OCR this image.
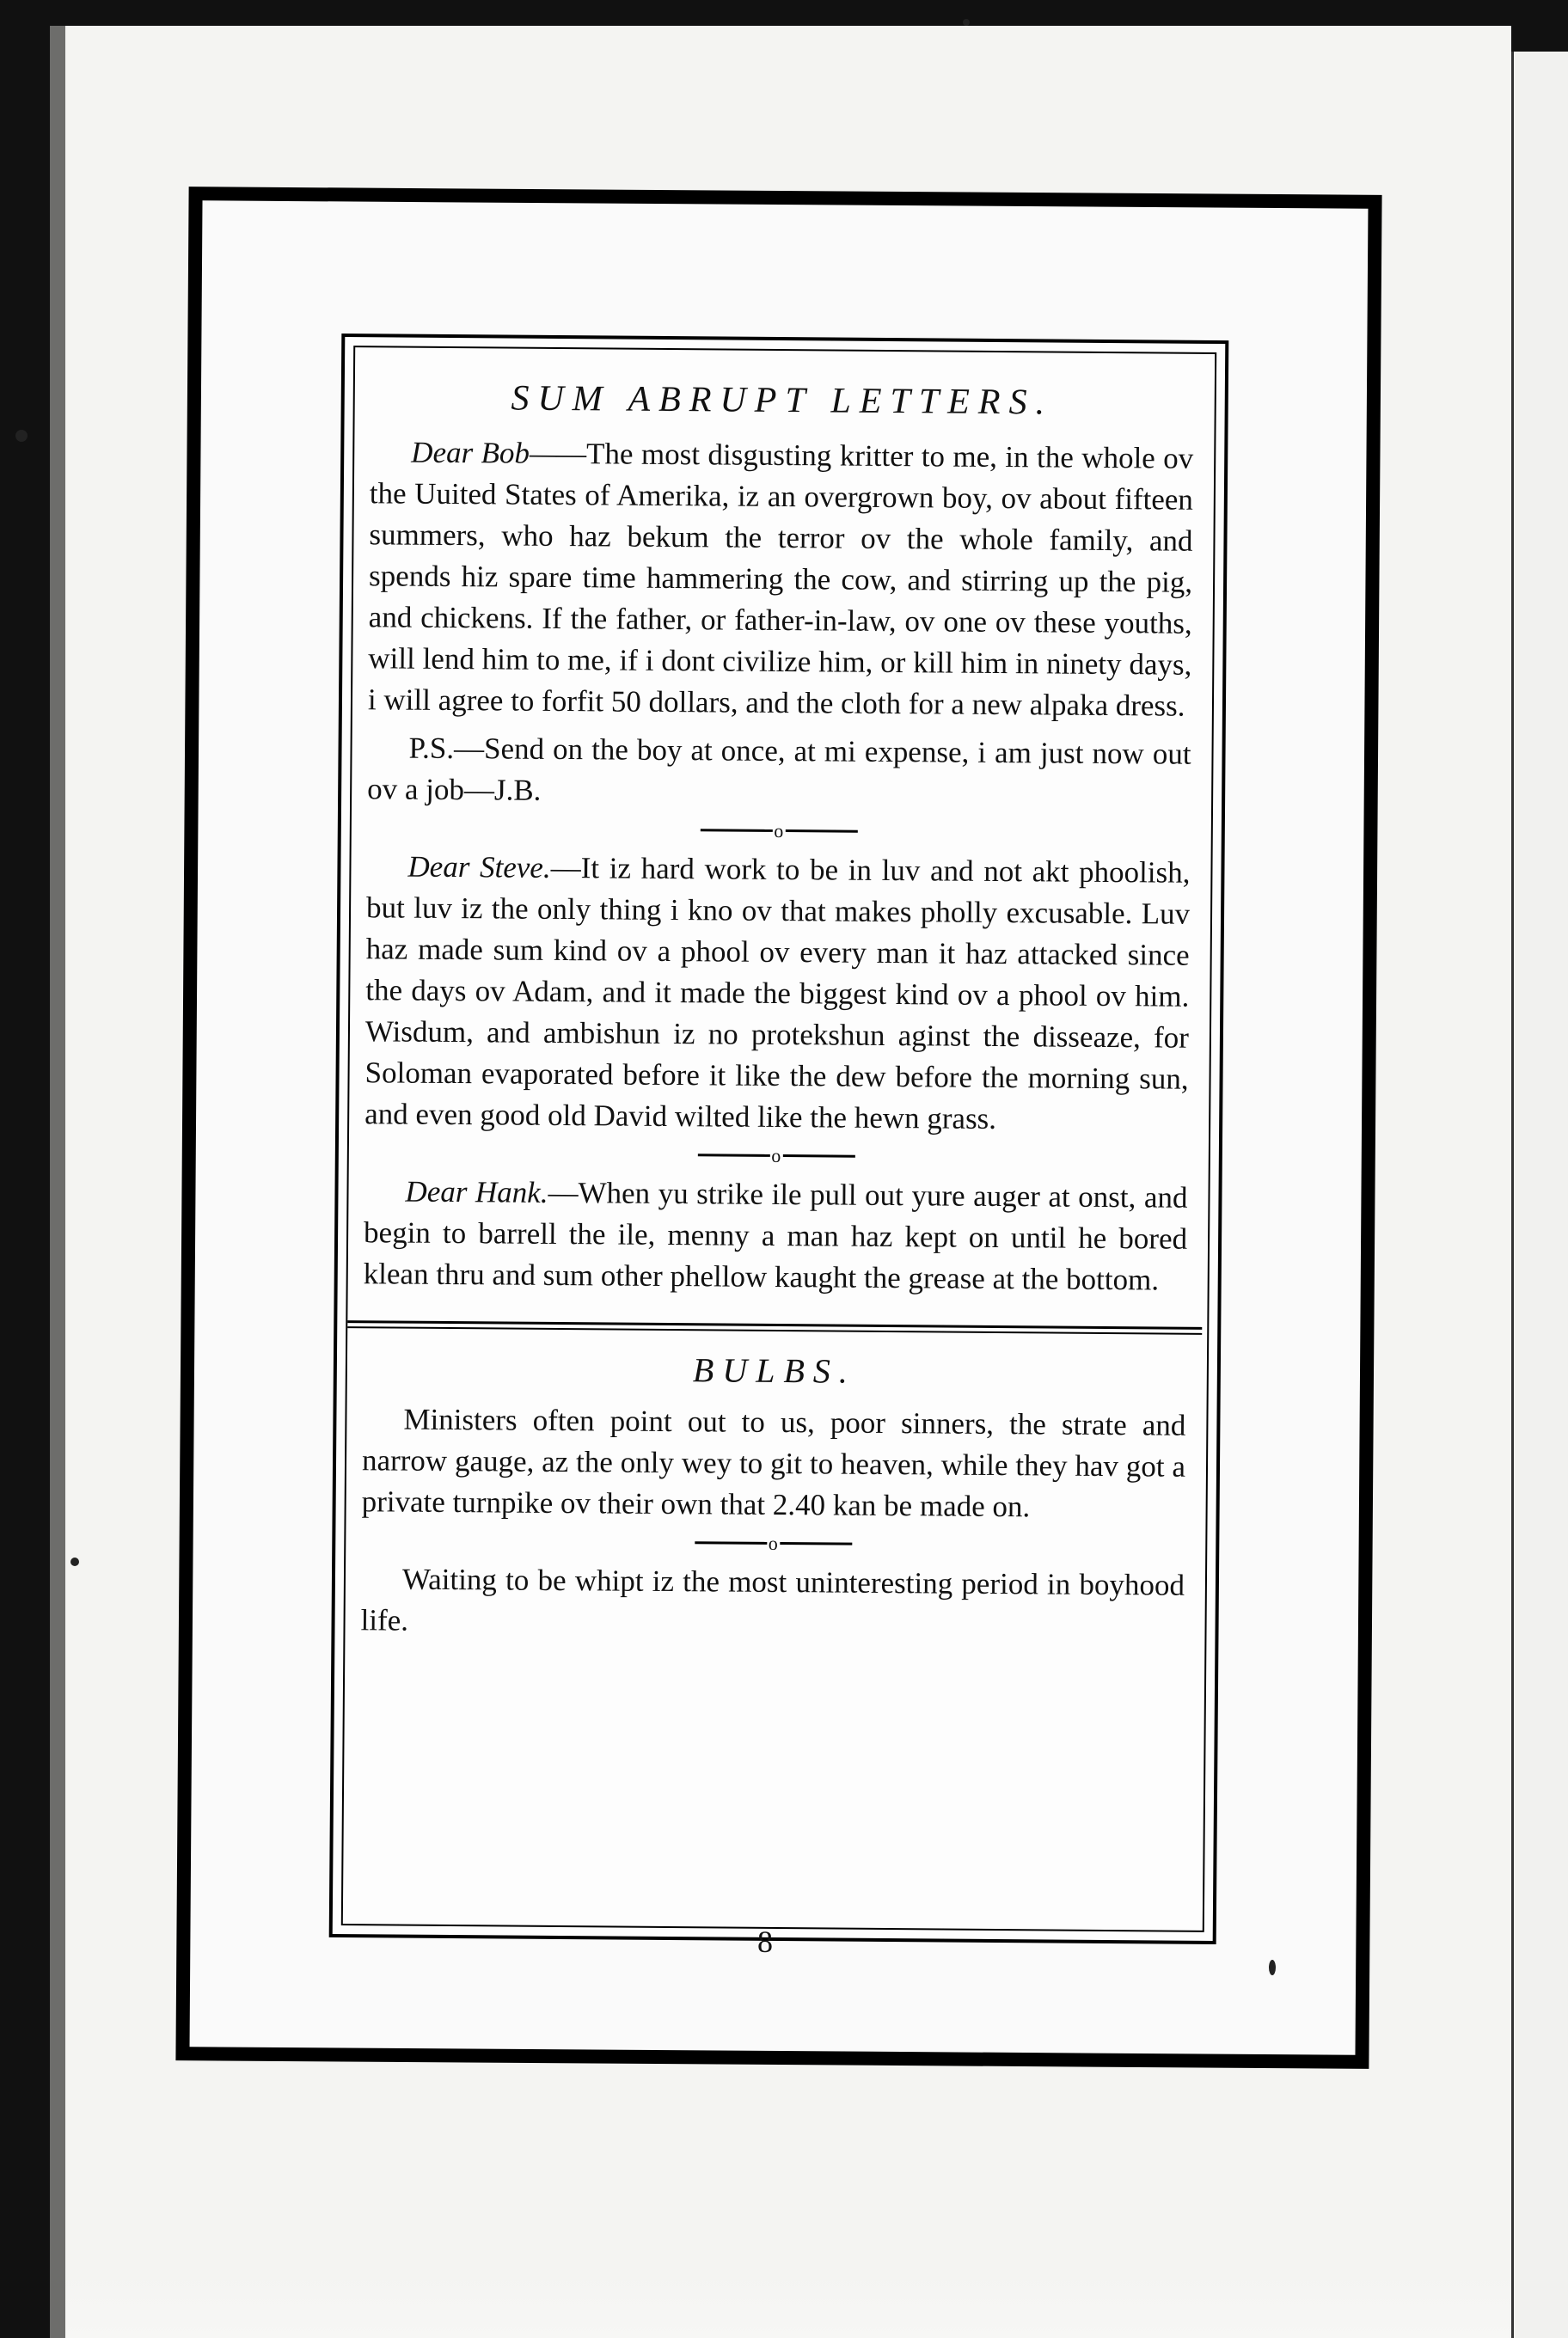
SUM ABRUPT LETTERS.

Dear Bob——The most disgusting kritter to me, in the whole ov the Uuited States of Amerika, iz an overgrown boy, ov about fifteen summers, who haz bekum the terror ov the whole family, and spends hiz spare time hammering the cow, and stirring up the pig, and chickens. If the father, or father-in-law, ov one ov these youths, will lend him to me, if i dont civilize him, or kill him in ninety days, i will agree to forfit 50 dollars, and the cloth for a new alpaka dress.

P.S.—Send on the boy at once, at mi expense, i am just now out ov a job—J.B.

o

Dear Steve.—It iz hard work to be in luv and not akt phoolish, but luv iz the only thing i kno ov that makes pholly excusable. Luv haz made sum kind ov a phool ov every man it haz attacked since the days ov Adam, and it made the biggest kind ov a phool ov him. Wisdum, and ambishun iz no protekshun aginst the disseaze, for Soloman evaporated before it like the dew before the morning sun, and even good old David wilted like the hewn grass.

o

Dear Hank.—When yu strike ile pull out yure auger at onst, and begin to barrell the ile, menny a man haz kept on until he bored klean thru and sum other phellow kaught the grease at the bottom.

BULBS.

Ministers often point out to us, poor sinners, the strate and narrow gauge, az the only wey to git to heaven, while they hav got a private turnpike ov their own that 2.40 kan be made on.

o

Waiting to be whipt iz the most uninteresting period in boyhood life.

8
